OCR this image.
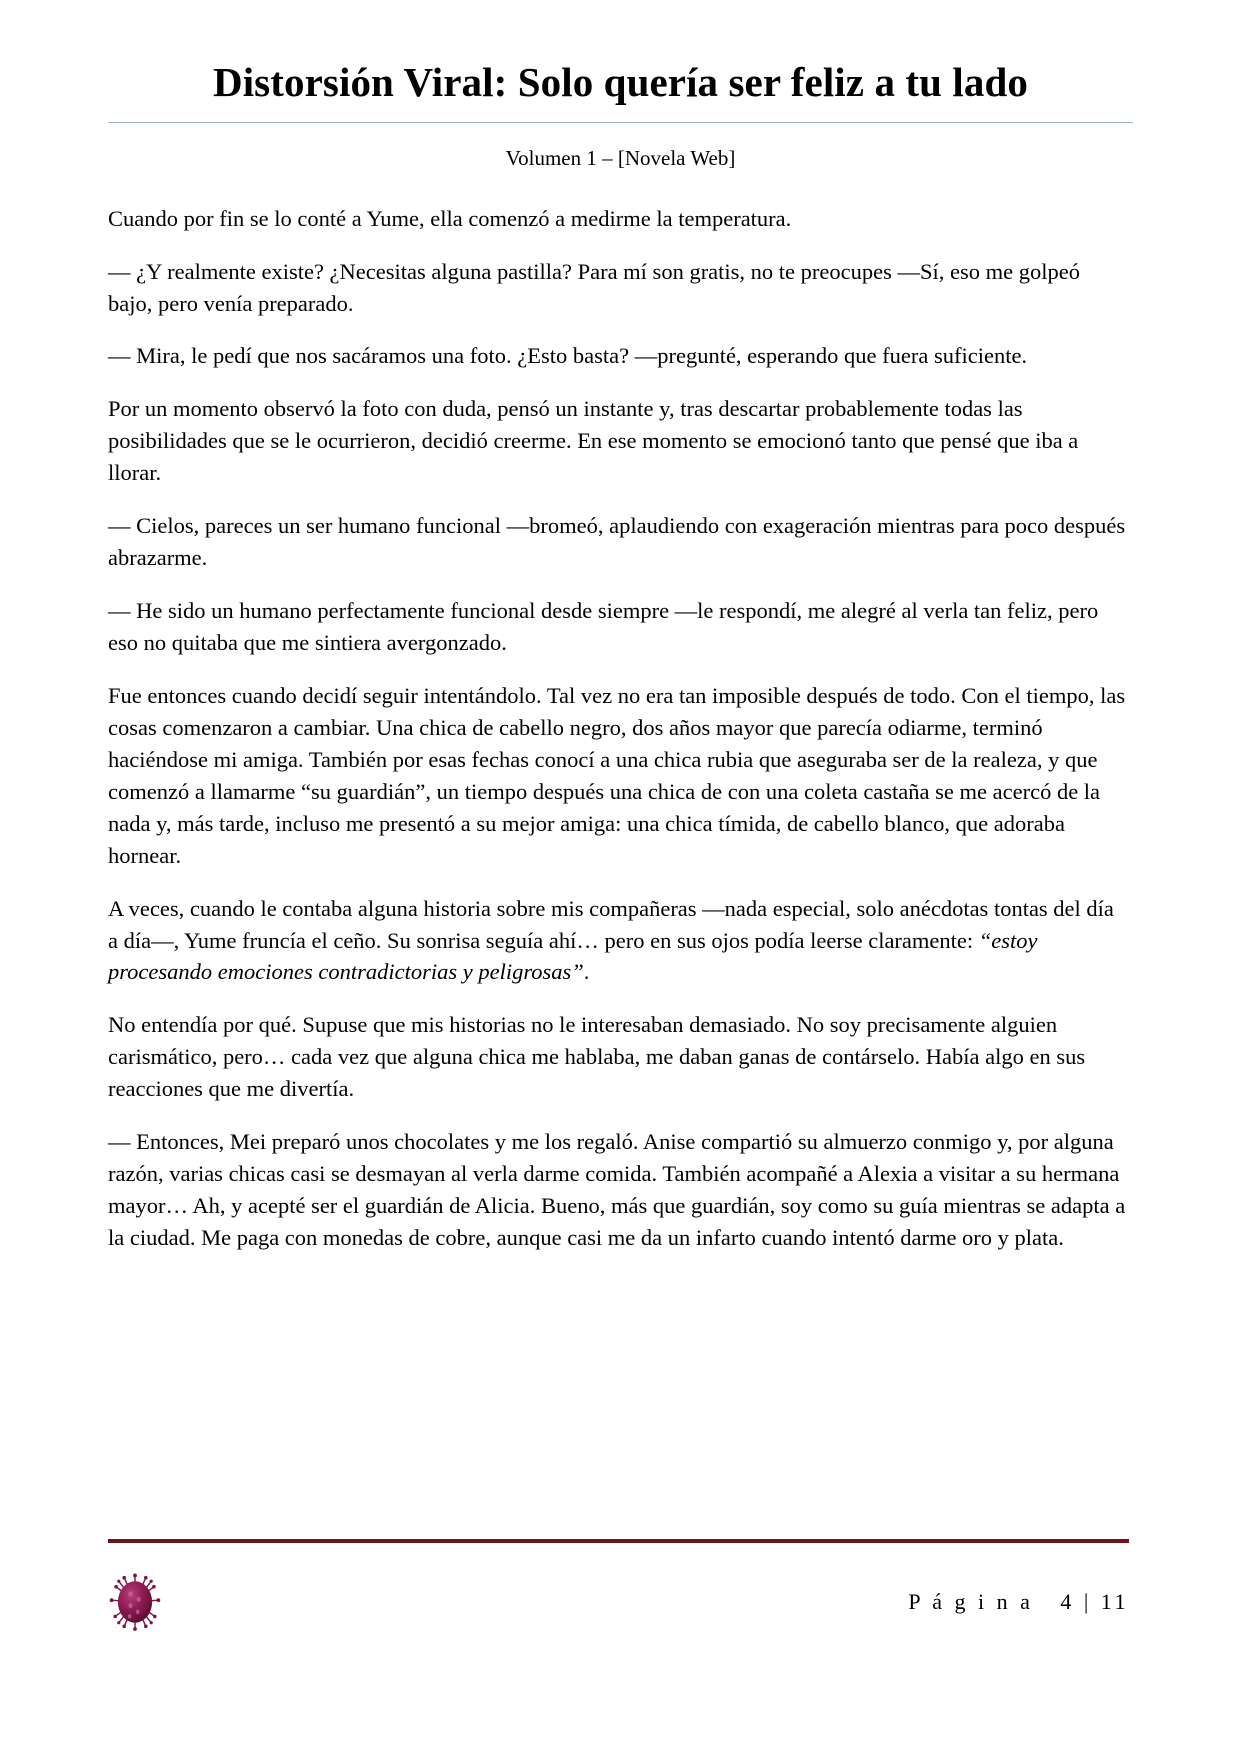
Distorsión Viral: Solo quería ser feliz a tu lado
Volumen 1 – [Novela Web]

Cuando por fin se lo conté a Yume, ella comenzó a medirme la temperatura.

— ¿Y realmente existe? ¿Necesitas alguna pastilla? Para mí son gratis, no te preocupes —Sí, eso me golpeó bajo, pero venía preparado.

— Mira, le pedí que nos sacáramos una foto. ¿Esto basta? —pregunté, esperando que fuera suficiente.

Por un momento observó la foto con duda, pensó un instante y, tras descartar probablemente todas las posibilidades que se le ocurrieron, decidió creerme. En ese momento se emocionó tanto que pensé que iba a llorar.

— Cielos, pareces un ser humano funcional —bromeó, aplaudiendo con exageración mientras para poco después abrazarme.

— He sido un humano perfectamente funcional desde siempre —le respondí, me alegré al verla tan feliz, pero eso no quitaba que me sintiera avergonzado.

Fue entonces cuando decidí seguir intentándolo. Tal vez no era tan imposible después de todo. Con el tiempo, las cosas comenzaron a cambiar. Una chica de cabello negro, dos años mayor que parecía odiarme, terminó haciéndose mi amiga. También por esas fechas conocí a una chica rubia que aseguraba ser de la realeza, y que comenzó a llamarme “su guardián”, un tiempo después una chica de con una coleta castaña se me acercó de la nada y, más tarde, incluso me presentó a su mejor amiga: una chica tímida, de cabello blanco, que adoraba hornear.

A veces, cuando le contaba alguna historia sobre mis compañeras —nada especial, solo anécdotas tontas del día a día—, Yume fruncía el ceño. Su sonrisa seguía ahí… pero en sus ojos podía leerse claramente: “estoy procesando emociones contradictorias y peligrosas”.

No entendía por qué. Supuse que mis historias no le interesaban demasiado. No soy precisamente alguien carismático, pero… cada vez que alguna chica me hablaba, me daban ganas de contárselo. Había algo en sus reacciones que me divertía.

— Entonces, Mei preparó unos chocolates y me los regaló. Anise compartió su almuerzo conmigo y, por alguna razón, varias chicas casi se desmayan al verla darme comida. También acompañé a Alexia a visitar a su hermana mayor… Ah, y acepté ser el guardián de Alicia. Bueno, más que guardián, soy como su guía mientras se adapta a la ciudad. Me paga con monedas de cobre, aunque casi me da un infarto cuando intentó darme oro y plata.

P á g i n a   4 | 11
